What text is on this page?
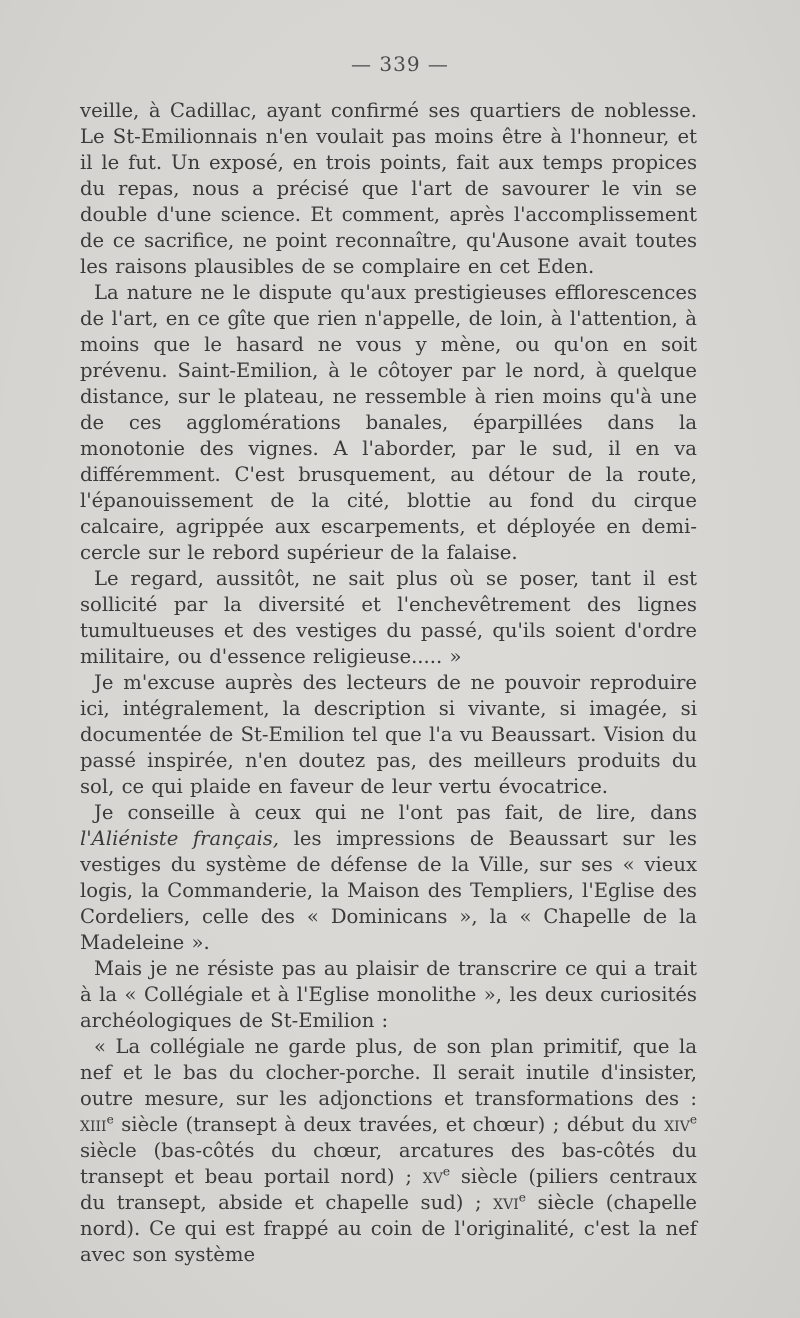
— 339 —

veille, à Cadillac, ayant confirmé ses quartiers de noblesse. Le St-Emilionnais n'en voulait pas moins être à l'honneur, et il le fut. Un exposé, en trois points, fait aux temps propices du repas, nous a précisé que l'art de savourer le vin se double d'une science. Et comment, après l'accomplissement de ce sacrifice, ne point reconnaître, qu'Ausone avait toutes les raisons plausibles de se complaire en cet Eden.

La nature ne le dispute qu'aux prestigieuses efflorescences de l'art, en ce gîte que rien n'appelle, de loin, à l'attention, à moins que le hasard ne vous y mène, ou qu'on en soit prévenu. Saint-Emilion, à le côtoyer par le nord, à quelque distance, sur le plateau, ne ressemble à rien moins qu'à une de ces agglomérations banales, éparpillées dans la monotonie des vignes. A l'aborder, par le sud, il en va différemment. C'est brusquement, au détour de la route, l'épanouissement de la cité, blottie au fond du cirque calcaire, agrippée aux escarpements, et déployée en demi-cercle sur le rebord supérieur de la falaise.

Le regard, aussitôt, ne sait plus où se poser, tant il est sollicité par la diversité et l'enchevêtrement des lignes tumultueuses et des vestiges du passé, qu'ils soient d'ordre militaire, ou d'essence religieuse..... »

Je m'excuse auprès des lecteurs de ne pouvoir reproduire ici, intégralement, la description si vivante, si imagée, si documentée de St-Emilion tel que l'a vu Beaussart. Vision du passé inspirée, n'en doutez pas, des meilleurs produits du sol, ce qui plaide en faveur de leur vertu évocatrice.

Je conseille à ceux qui ne l'ont pas fait, de lire, dans l'Aliéniste français, les impressions de Beaussart sur les vestiges du système de défense de la Ville, sur ses « vieux logis, la Commanderie, la Maison des Templiers, l'Eglise des Cordeliers, celle des « Dominicans », la « Chapelle de la Madeleine ».

Mais je ne résiste pas au plaisir de transcrire ce qui a trait à la « Collégiale et à l'Eglise monolithe », les deux curiosités archéologiques de St-Emilion :

« La collégiale ne garde plus, de son plan primitif, que la nef et le bas du clocher-porche. Il serait inutile d'insister, outre mesure, sur les adjonctions et transformations des : xiii$^e$ siècle (transept à deux travées, et chœur) ; début du xiv$^e$ siècle (bas-côtés du chœur, arcatures des bas-côtés du transept et beau portail nord) ; $xv^e$ siècle (piliers centraux du transept, abside et chapelle sud) ; xvi$^e$ siècle (chapelle nord). Ce qui est frappé au coin de l'originalité, c'est la nef avec son système
